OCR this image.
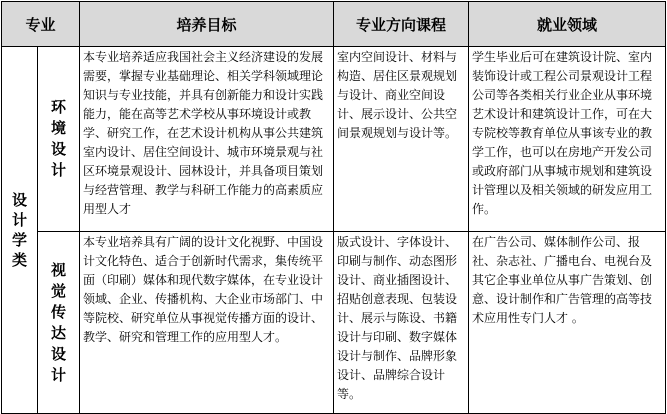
专业		培养目标	专业方向课程	就业领域
设计学类	环境设计	本专业培养适应我国社会主义经济建设的发展需要，掌握专业基础理论、相关学科领域理论知识与专业技能，并具有创新能力和设计实践能力，能在高等艺术学校从事环境设计或教学、研究工作，在艺术设计机构从事公共建筑室内设计、居住空间设计、城市环境景观与社区环境景观设计、园林设计，并具备项目策划与经营管理、教学与科研工作能力的高素质应用型人才	室内空间设计、材料与构造、居住区景观规划与设计、商业空间设计、展示设计、公共空间景观规划与设计等。	学生毕业后可在建筑设计院、室内装饰设计或工程公司景观设计工程公司等各类相关行业企业从事环境艺术设计和建筑设计工作，可在大专院校等教育单位从事该专业的教学工作，也可以在房地产开发公司或政府部门从事城市规划和建筑设计管理以及相关领域的研发应用工作。
	视觉传达设计	本专业培养具有广阔的设计文化视野、中国设计文化特色、适合于创新时代需求，集传统平面（印刷）媒体和现代数字媒体，在专业设计领域、企业、传播机构、大企业市场部门、中等院校、研究单位从事视觉传播方面的设计、教学、研究和管理工作的应用型人才。	版式设计、字体设计、印刷与制作、动态图形设计、商业插图设计、招贴创意表现、包装设计、展示与陈设、书籍设计与印刷、数字媒体设计与制作、品牌形象设计、品牌综合设计等。	在广告公司、媒体制作公司、报社、杂志社、广播电台、电视台及其它企事业单位从事广告策划、创意、设计制作和广告管理的高等技术应用性专门人才 。
